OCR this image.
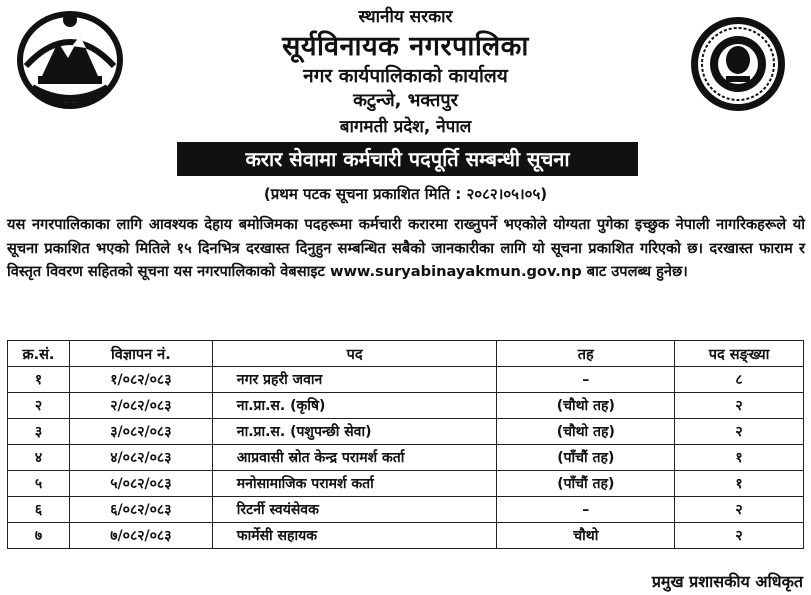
स्थानीय सरकार
सूर्यविनायक नगरपालिका
नगर कार्यपालिकाको कार्यालय
कटुन्जे, भक्तपुर
बागमती प्रदेश, नेपाल
करार सेवामा कर्मचारी पदपूर्ति सम्बन्धी सूचना
(प्रथम पटक सूचना प्रकाशित मिति : २०८२।०५।०५)
यस नगरपालिकाका लागि आवश्यक देहाय बमोजिमका पदहरूमा कर्मचारी करारमा राख्नुपर्ने भएकोले योग्यता पुगेका इच्छुक नेपाली नागरिकहरूले यो सूचना प्रकाशित भएको मितिले १५ दिनभित्र दरखास्त दिनुहुन सम्बन्धित सबैको जानकारीका लागि यो सूचना प्रकाशित गरिएको छ। दरखास्त फाराम र विस्तृत विवरण सहितको सूचना यस नगरपालिकाको वेबसाइट www.suryabinayakmun.gov.np बाट उपलब्ध हुनेछ।
क्र.सं.	विज्ञापन नं.	पद	तह	पद सङ्ख्या
१	१/०८२/०८३	नगर प्रहरी जवान	–	८
२	२/०८२/०८३	ना.प्रा.स. (कृषि)	(चौथो तह)	२
३	३/०८२/०८३	ना.प्रा.स. (पशुपन्छी सेवा)	(चौथो तह)	२
४	४/०८२/०८३	आप्रवासी स्रोत केन्द्र परामर्श कर्ता	(पाँचौं तह)	१
५	५/०८२/०८३	मनोसामाजिक परामर्श कर्ता	(पाँचौं तह)	१
६	६/०८२/०८३	रिटर्नी स्वयंसेवक	–	२
७	७/०८२/०८३	फार्मेसी सहायक	चौथो	२
प्रमुख प्रशासकीय अधिकृत
